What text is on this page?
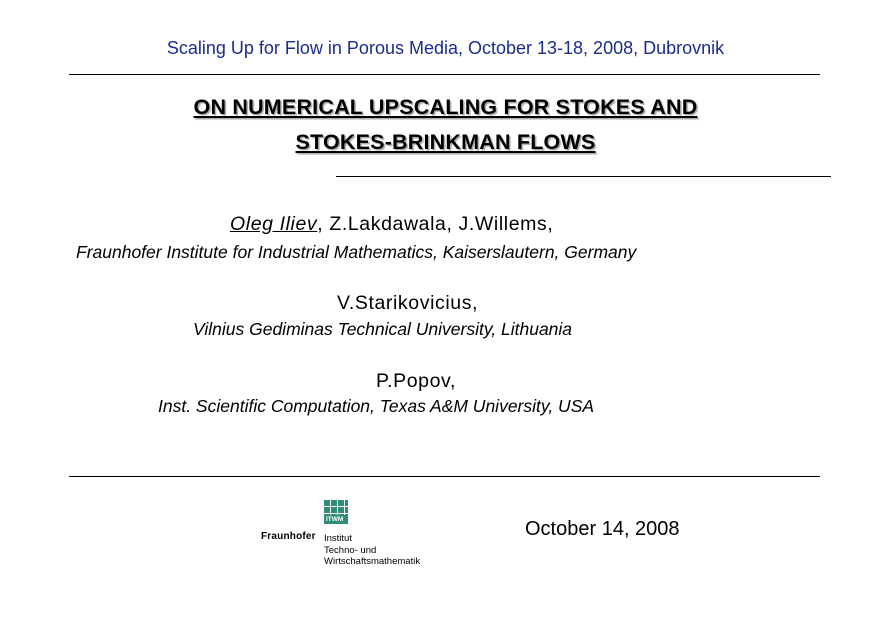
Scaling Up for Flow in Porous Media, October 13-18, 2008, Dubrovnik
ON NUMERICAL UPSCALING FOR STOKES AND
STOKES-BRINKMAN FLOWS
Oleg Iliev, Z.Lakdawala, J.Willems,
Fraunhofer Institute for Industrial Mathematics, Kaiserslautern, Germany
V.Starikovicius,
Vilnius Gediminas Technical University, Lithuania
P.Popov,
Inst. Scientific Computation, Texas A&M University, USA
ITWM
Fraunhofer Institut
Techno- und
Wirtschaftsmathematik
October 14, 2008
